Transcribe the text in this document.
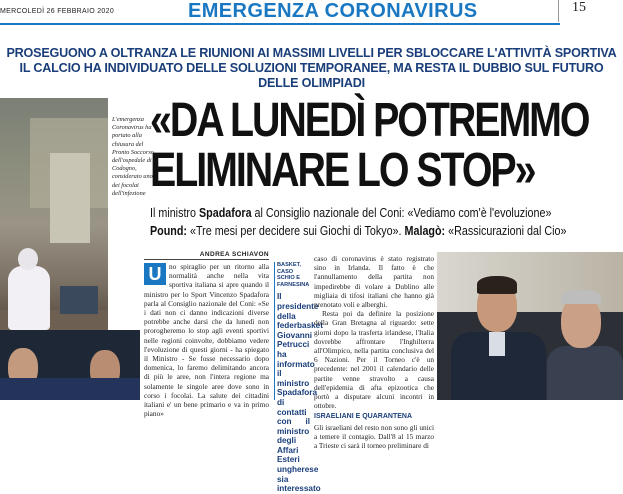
MERCOLEDÌ 26 FEBBRAIO 2020	EMERGENZA CORONAVIRUS	15
PROSEGUONO A OLTRANZA LE RIUNIONI AI MASSIMI LIVELLI PER SBLOCCARE L'ATTIVITÀ SPORTIVA
IL CALCIO HA INDIVIDUATO DELLE SOLUZIONI TEMPORANEE, MA RESTA IL DUBBIO SUL FUTURO DELLE OLIMPIADI
L'emergenza Coronavirus ha portato alla chiusura del Pronto Soccorso dell'ospedale di Codogno, considerato uno dei focolai dell'infezione
«DA LUNEDÌ POTREMMO
ELIMINARE LO STOP»
Il ministro Spadafora al Consiglio nazionale del Coni: «Vediamo com'è l'evoluzione»
Pound: «Tre mesi per decidere sui Giochi di Tokyo». Malagò: «Rassicurazioni dal Cio»
ANDREA SCHIAVON
U	no spiraglio per un ritorno alla normalità anche nella vita sportiva italiana si apre quando il ministro per lo Sport Vincenzo Spadafora parla al Consiglio nazionale del Coni: «Se i dati non ci danno indicazioni diverse potrebbe anche darsi che da lunedì non prorogheremo lo stop agli eventi sportivi nelle regioni coinvolte, dobbiamo vedere l'evoluzione di questi giorni - ha spiegato il Ministro - Se fosse necessario dopo domenica, lo faremo delimitando ancora di più le aree, non l'intera regione ma solamente le singole aree dove sono in corso i focolai. La salute dei cittadini italiani e' un bene primario e va in primo piano»
BASKET, CASO SCHIO E FARNESINA
Il presidente della federbasket Giovanni Petrucci ha informato il ministro Spadafora di contatti con il ministro degli Affari Esteri ungherese sia interessato
caso di coronavirus è stato registrato sino in Irlanda. Il fatto è che l'annullamento della partita non impedirebbe di volare a Dublino alle migliaia di tifosi italiani che hanno già prenotato voli e alberghi.
Resta poi da definire la posizione della Gran Bretagna al riguardo: sette giorni dopo la trasferta irlandese, l'Italia dovrebbe affrontare l'Inghilterra all'Olimpico, nella partita conclusiva del 6 Nazioni. Per il Torneo c'è un precedente: nel 2001 il calendario delle partite venne stravolto a causa dell'epidemia di afta epizootica che portò a disputare alcuni incontri in ottobre.
ISRAELIANI E QUARANTENA
Gli israeliani del resto non sono gli unici a temere il contagio. Dall'8 al 15 marzo a Trieste ci sarà il torneo preliminare di
